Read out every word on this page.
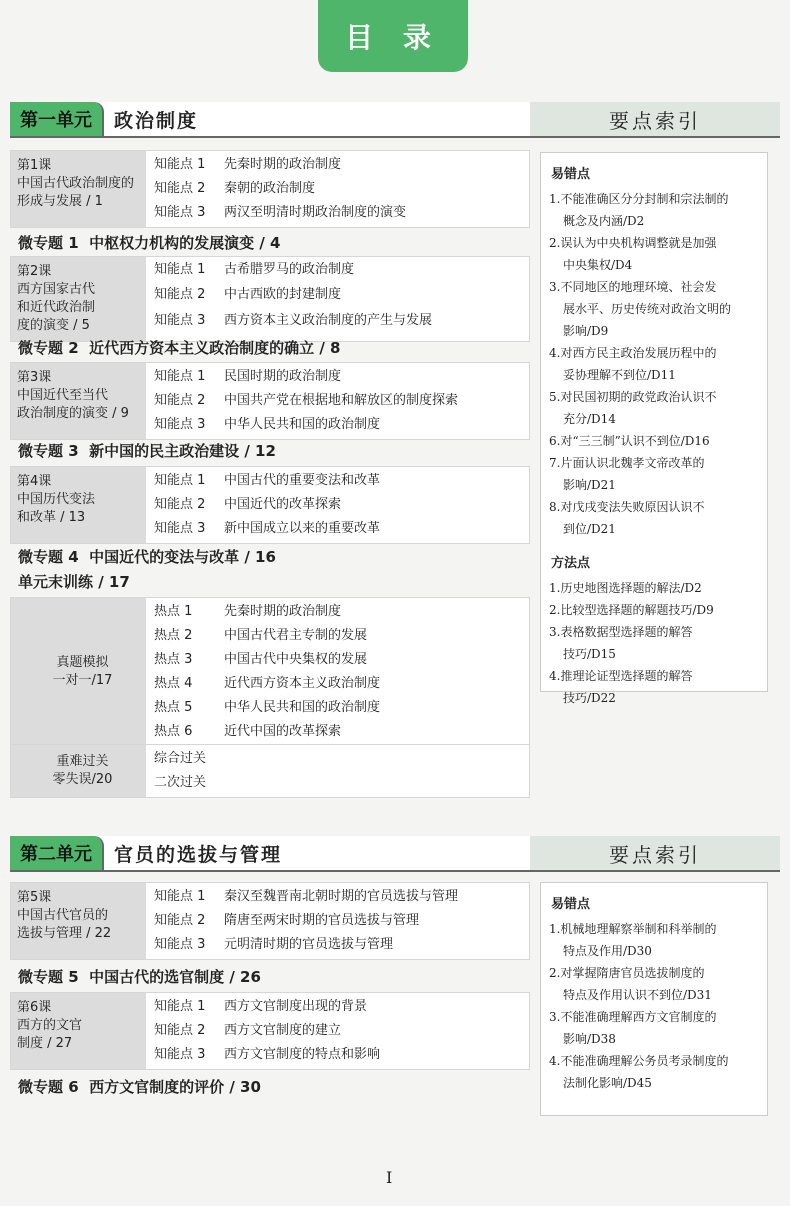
目 录
第一单元	政治制度	要点索引
第1课
中国古代政治制度的
形成与发展 / 1
知能点 1 先秦时期的政治制度
知能点 2 秦朝的政治制度
知能点 3 两汉至明清时期政治制度的演变
微专题 1 中枢权力机构的发展演变 / 4
第2课
西方国家古代
和近代政治制
度的演变 / 5
知能点 1 古希腊罗马的政治制度
知能点 2 中古西欧的封建制度
知能点 3 西方资本主义政治制度的产生与发展
微专题 2 近代西方资本主义政治制度的确立 / 8
第3课
中国近代至当代
政治制度的演变 / 9
知能点 1 民国时期的政治制度
知能点 2 中国共产党在根据地和解放区的制度探索
知能点 3 中华人民共和国的政治制度
微专题 3 新中国的民主政治建设 / 12
第4课
中国历代变法
和改革 / 13
知能点 1 中国古代的重要变法和改革
知能点 2 中国近代的改革探索
知能点 3 新中国成立以来的重要改革
微专题 4 中国近代的变法与改革 / 16
单元末训练 / 17
真题模拟
一对一/17
热点 1 先秦时期的政治制度
热点 2 中国古代君主专制的发展
热点 3 中国古代中央集权的发展
热点 4 近代西方资本主义政治制度
热点 5 中华人民共和国的政治制度
热点 6 近代中国的改革探索
重难过关
零失误/20
综合过关
二次过关
易错点
1.不能准确区分分封制和宗法制的
概念及内涵/D2
2.误认为中央机构调整就是加强
中央集权/D4
3.不同地区的地理环境、社会发
展水平、历史传统对政治文明的
影响/D9
4.对西方民主政治发展历程中的
妥协理解不到位/D11
5.对民国初期的政党政治认识不
充分/D14
6.对“三三制”认识不到位/D16
7.片面认识北魏孝文帝改革的
影响/D21
8.对戊戌变法失败原因认识不
到位/D21
方法点
1.历史地图选择题的解法/D2
2.比较型选择题的解题技巧/D9
3.表格数据型选择题的解答
技巧/D15
4.推理论证型选择题的解答
技巧/D22
第二单元	官员的选拔与管理	要点索引
第5课
中国古代官员的
选拔与管理 / 22
知能点 1 秦汉至魏晋南北朝时期的官员选拔与管理
知能点 2 隋唐至两宋时期的官员选拔与管理
知能点 3 元明清时期的官员选拔与管理
微专题 5 中国古代的选官制度 / 26
第6课
西方的文官
制度 / 27
知能点 1 西方文官制度出现的背景
知能点 2 西方文官制度的建立
知能点 3 西方文官制度的特点和影响
微专题 6 西方文官制度的评价 / 30
易错点
1.机械地理解察举制和科举制的
特点及作用/D30
2.对掌握隋唐官员选拔制度的
特点及作用认识不到位/D31
3.不能准确理解西方文官制度的
影响/D38
4.不能准确理解公务员考录制度的
法制化影响/D45
I
